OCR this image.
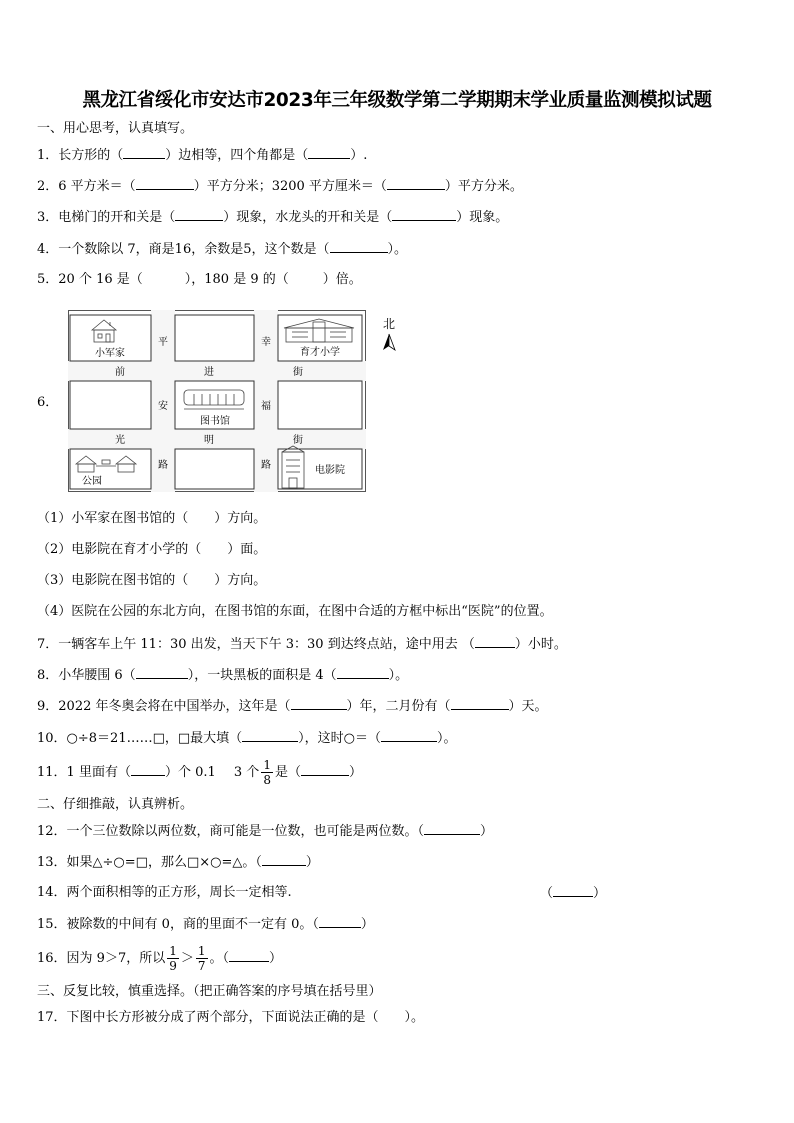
黑龙江省绥化市安达市2023年三年级数学第二学期期末学业质量监测模拟试题
一、用心思考，认真填写。
1．长方形的（	）边相等，四个角都是（	）.
2．6 平方米＝（	）平方分米；3200 平方厘米＝（	）平方分米。
3．电梯门的开和关是（	）现象，水龙头的开和关是（	）现象。
4．一个数除以 7，商是16，余数是5，这个数是（	）。
5．20 个 16 是（	），180 是 9 的（	）倍。
6．
小军家	育才小学
图书馆
公园
电影院
平	幸
前	进	街
安	福
光	明	街
路	路
北
（1）小军家在图书馆的（ ）方向。
（2）电影院在育才小学的（ ）面。
（3）电影院在图书馆的（ ）方向。
（4）医院在公园的东北方向，在图书馆的东面，在图中合适的方框中标出“医院”的位置。
7．一辆客车上午 11：30 出发，当天下午 3：30 到达终点站，途中用去 （	）小时。
8．小华腰围 6（	），一块黑板的面积是 4（	）。
9．2022 年冬奥会将在中国举办，这年是（	）年，二月份有（	）天。
10．○÷8＝21……□，□最大填（	），这时○＝（	）。
11．1 里面有（	）个 0.1 3 个 $\frac{1}{8}$ 是（	）
二、仔细推敲，认真辨析。
12．一个三位数除以两位数，商可能是一位数，也可能是两位数。（	）
13．如果△÷○=□，那么□×○=△。（	）
14．两个面积相等的正方形，周长一定相等.	（	）
15．被除数的中间有 0，商的里面不一定有 0。（	）
16．因为 9＞7，所以 $\frac{1}{9} > \frac{1}{7}$ 。（	）
三、反复比较，慎重选择。（把正确答案的序号填在括号里）
17．下图中长方形被分成了两个部分，下面说法正确的是（　　）。
